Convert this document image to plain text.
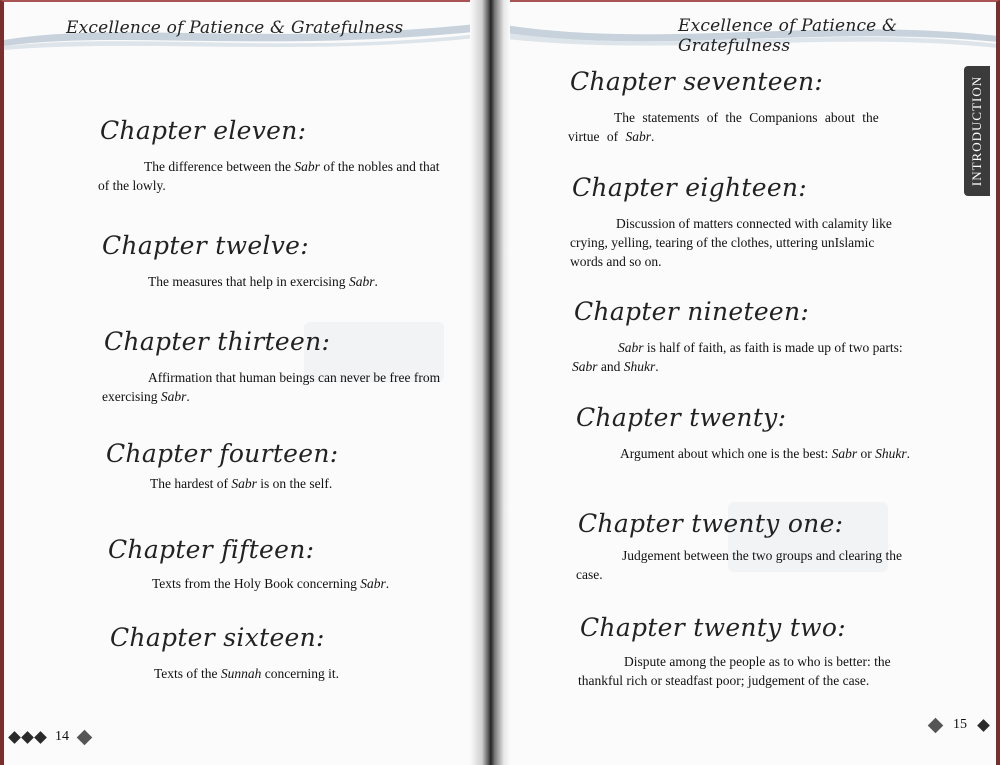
Excellence of Patience & Gratefulness
Chapter eleven:

The difference between the Sabr of the nobles and that of the lowly.

Chapter twelve:

The measures that help in exercising Sabr.

Chapter thirteen:

Affirmation that human beings can never be free from exercising Sabr.

Chapter fourteen:

The hardest of Sabr is on the self.

Chapter fifteen:

Texts from the Holy Book concerning Sabr.

Chapter sixteen:

Texts of the Sunnah concerning it.

14
Excellence of Patience & Gratefulness
INTRODUCTION
Chapter seventeen:

The statements of the Companions about the virtue of Sabr.

Chapter eighteen:

Discussion of matters connected with calamity like crying, yelling, tearing of the clothes, uttering unIslamic words and so on.

Chapter nineteen:

Sabr is half of faith, as faith is made up of two parts: Sabr and Shukr.

Chapter twenty:

Argument about which one is the best: Sabr or Shukr.

Chapter twenty one:

Judgement between the two groups and clearing the case.

Chapter twenty two:

Dispute among the people as to who is better: the thankful rich or steadfast poor; judgement of the case.

15
